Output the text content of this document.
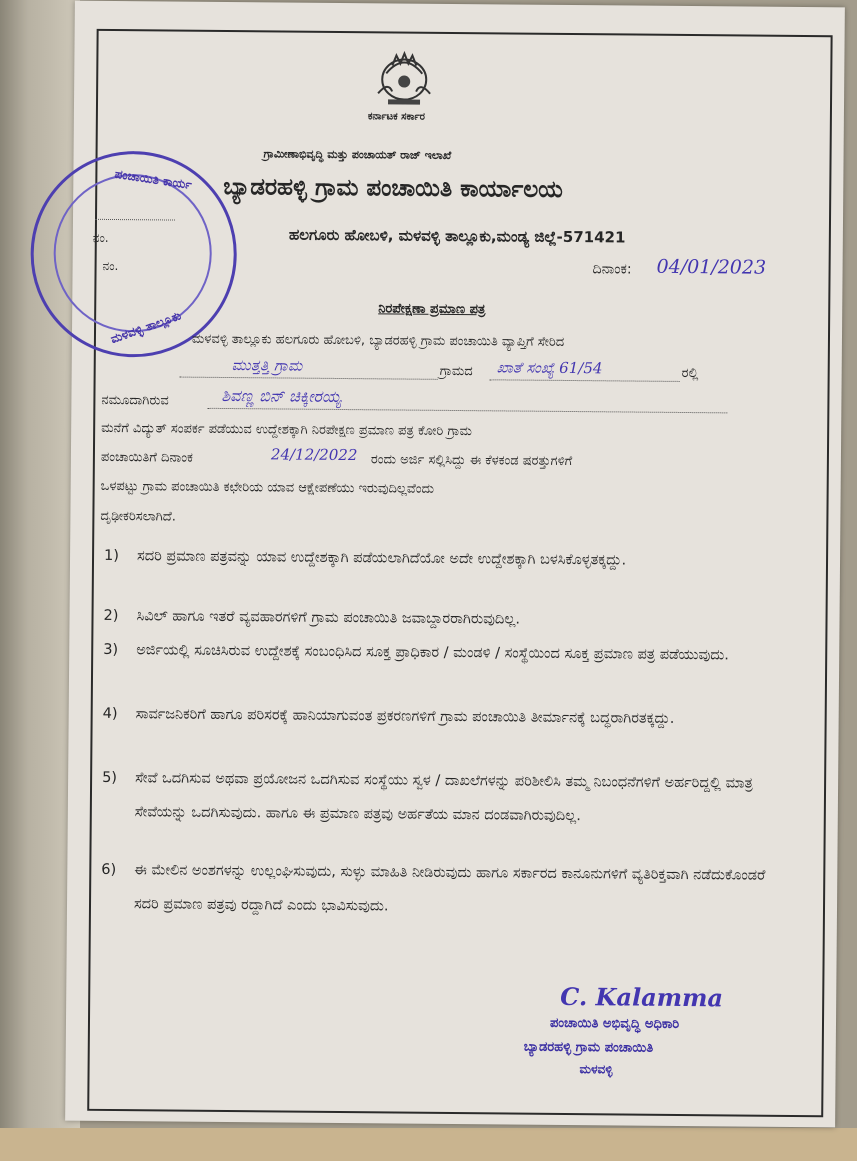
ಕರ್ನಾಟಕ ಸರ್ಕಾರ
ಗ್ರಾಮೀಣಾಭಿವೃದ್ಧಿ ಮತ್ತು ಪಂಚಾಯತ್ ರಾಜ್ ಇಲಾಖೆ
ಬ್ಯಾಡರಹಳ್ಳಿ ಗ್ರಾಮ ಪಂಚಾಯಿತಿ ಕಾರ್ಯಾಲಯ
ಹಲಗೂರು ಹೋಬಳಿ, ಮಳವಳ್ಳಿ ತಾಲ್ಲೂಕು,ಮಂಡ್ಯ ಜಿಲ್ಲೆ-571421
ಪಂಚಾಯಿತಿ ಕಾರ್ಯ
ಮಳವಳ್ಳಿ ತಾಲ್ಲೂಕು
ನಂ.
ನಂ.	ದಿನಾಂಕ: 04/01/2023
ನಿರಪೇಕ್ಷಣಾ ಪ್ರಮಾಣ ಪತ್ರ
ಮಳವಳ್ಳಿ ತಾಲ್ಲೂಕು ಹಲಗೂರು ಹೋಬಳಿ, ಬ್ಯಾಡರಹಳ್ಳಿ ಗ್ರಾಮ ಪಂಚಾಯಿತಿ ವ್ಯಾಪ್ತಿಗೆ ಸೇರಿದ
ಮುತ್ತತ್ತಿ ಗ್ರಾಮ	ಗ್ರಾಮದ ಖಾತೆ ಸಂಖ್ಯೆ 61/54	ರಲ್ಲಿ
ನಮೂದಾಗಿರುವ	ಶಿವಣ್ಣ ಬಿನ್ ಚಿಕ್ಕೀರಯ್ಯ
ಮನೆಗೆ ವಿದ್ಯುತ್ ಸಂಪರ್ಕ ಪಡೆಯುವ ಉದ್ದೇಶಕ್ಕಾಗಿ ನಿರಪೇಕ್ಷಣ ಪ್ರಮಾಣ ಪತ್ರ ಕೋರಿ ಗ್ರಾಮ
ಪಂಚಾಯಿತಿಗೆ ದಿನಾಂಕ	24/12/2022 ರಂದು ಅರ್ಜಿ ಸಲ್ಲಿಸಿದ್ದು ಈ ಕೆಳಕಂಡ ಷರತ್ತುಗಳಿಗೆ
ಒಳಪಟ್ಟು ಗ್ರಾಮ ಪಂಚಾಯಿತಿ ಕಛೇರಿಯ ಯಾವ ಆಕ್ಷೇಪಣೆಯು ಇರುವುದಿಲ್ಲವೆಂದು
ದೃಢೀಕರಿಸಲಾಗಿದೆ.
1) ಸದರಿ ಪ್ರಮಾಣ ಪತ್ರವನ್ನು ಯಾವ ಉದ್ದೇಶಕ್ಕಾಗಿ ಪಡೆಯಲಾಗಿದೆಯೋ ಅದೇ ಉದ್ದೇಶಕ್ಕಾಗಿ ಬಳಸಿಕೊಳ್ಳತಕ್ಕದ್ದು.
2) ಸಿವಿಲ್ ಹಾಗೂ ಇತರೆ ವ್ಯವಹಾರಗಳಿಗೆ ಗ್ರಾಮ ಪಂಚಾಯಿತಿ ಜವಾಬ್ದಾರರಾಗಿರುವುದಿಲ್ಲ.
3) ಅರ್ಜಿಯಲ್ಲಿ ಸೂಚಿಸಿರುವ ಉದ್ದೇಶಕ್ಕೆ ಸಂಬಂಧಿಸಿದ ಸೂಕ್ತ ಪ್ರಾಧಿಕಾರ / ಮಂಡಳಿ / ಸಂಸ್ಥೆಯಿಂದ ಸೂಕ್ತ ಪ್ರಮಾಣ ಪತ್ರ ಪಡೆಯುವುದು.
4) ಸಾರ್ವಜನಿಕರಿಗೆ ಹಾಗೂ ಪರಿಸರಕ್ಕೆ ಹಾನಿಯಾಗುವಂತ ಪ್ರಕರಣಗಳಿಗೆ ಗ್ರಾಮ ಪಂಚಾಯಿತಿ ತೀರ್ಮಾನಕ್ಕೆ ಬದ್ಧರಾಗಿರತಕ್ಕದ್ದು.
5) ಸೇವೆ ಒದಗಿಸುವ ಅಥವಾ ಪ್ರಯೋಜನ ಒದಗಿಸುವ ಸಂಸ್ಥೆಯು ಸ್ವಳ / ದಾಖಲೆಗಳನ್ನು ಪರಿಶೀಲಿಸಿ ತಮ್ಮ ನಿಬಂಧನೆಗಳಿಗೆ ಅರ್ಹರಿದ್ದಲ್ಲಿ ಮಾತ್ರ ಸೇವೆಯನ್ನು ಒದಗಿಸುವುದು. ಹಾಗೂ ಈ ಪ್ರಮಾಣ ಪತ್ರವು ಅರ್ಹತೆಯ ಮಾನ ದಂಡವಾಗಿರುವುದಿಲ್ಲ.
6) ಈ ಮೇಲಿನ ಅಂಶಗಳನ್ನು ಉಲ್ಲಂಘಿಸುವುದು, ಸುಳ್ಳು ಮಾಹಿತಿ ನೀಡಿರುವುದು ಹಾಗೂ ಸರ್ಕಾರದ ಕಾನೂನುಗಳಿಗೆ ವ್ಯತಿರಿಕ್ತವಾಗಿ ನಡೆದುಕೊಂಡರೆ ಸದರಿ ಪ್ರಮಾಣ ಪತ್ರವು ರದ್ದಾಗಿದೆ ಎಂದು ಭಾವಿಸುವುದು.
C. Kalamma
ಪಂಚಾಯಿತಿ ಅಭಿವೃದ್ಧಿ ಅಧಿಕಾರಿ
ಬ್ಯಾಡರಹಳ್ಳಿ ಗ್ರಾಮ ಪಂಚಾಯಿತಿ
ಮಳವಳ್ಳಿ
